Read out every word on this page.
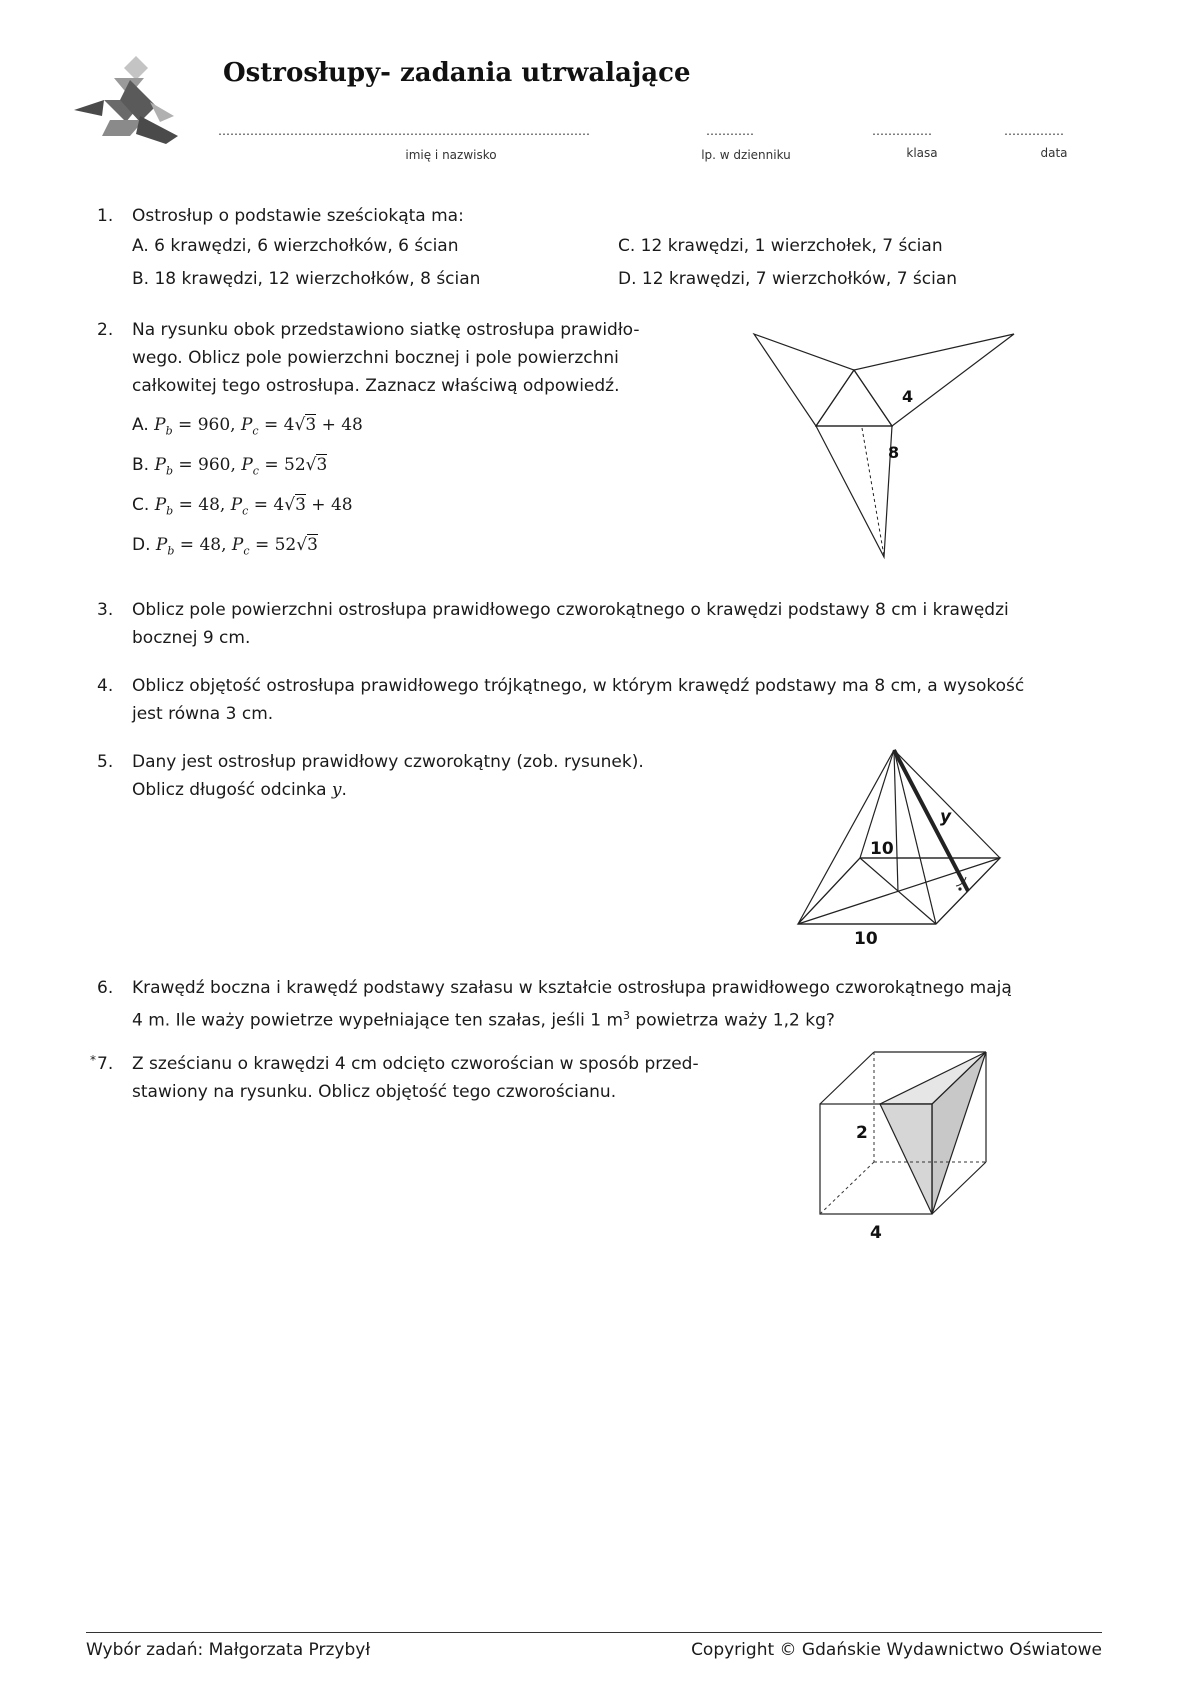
Ostrosłupy- zadania utrwalające
…………………………………………………………………………………
imię i nazwisko
…………
lp. w dzienniku
……………
klasa
……………
data
1. Ostrosłup o podstawie sześciokąta ma:
A. 6 krawędzi, 6 wierzchołków, 6 ścian
B. 18 krawędzi, 12 wierzchołków, 8 ścian
C. 12 krawędzi, 1 wierzchołek, 7 ścian
D. 12 krawędzi, 7 wierzchołków, 7 ścian
2. Na rysunku obok przedstawiono siatkę ostrosłupa prawidło-
wego. Oblicz pole powierzchni bocznej i pole powierzchni
całkowitej tego ostrosłupa. Zaznacz właściwą odpowiedź.
A. $P_b = 960$, $P_c = 4√3 + 48$
B. $P_b = 960$, $P_c = 52√3$
C. $P_b = 48$, $P_c = 4√3 + 48$
D. $P_b = 48$, $P_c = 52√3$
4
8
3. Oblicz pole powierzchni ostrosłupa prawidłowego czworokątnego o krawędzi podstawy 8 cm i krawędzi
bocznej 9 cm.
4. Oblicz objętość ostrosłupa prawidłowego trójkątnego, w którym krawędź podstawy ma 8 cm, a wysokość
jest równa 3 cm.
5. Dany jest ostrosłup prawidłowy czworokątny (zob. rysunek).
Oblicz długość odcinka y.
10
10
y
6. Krawędź boczna i krawędź podstawy szałasu w kształcie ostrosłupa prawidłowego czworokątnego mają
4 m. Ile waży powietrze wypełniające ten szałas, jeśli 1 $m^3$ powietrza waży 1,2 kg?
* 7. Z sześcianu o krawędzi 4 cm odcięto czworościan w sposób przed-
stawiony na rysunku. Oblicz objętość tego czworościanu.
2
4
Wybór zadań: Małgorzata Przybył	Copyright © Gdańskie Wydawnictwo Oświatowe
